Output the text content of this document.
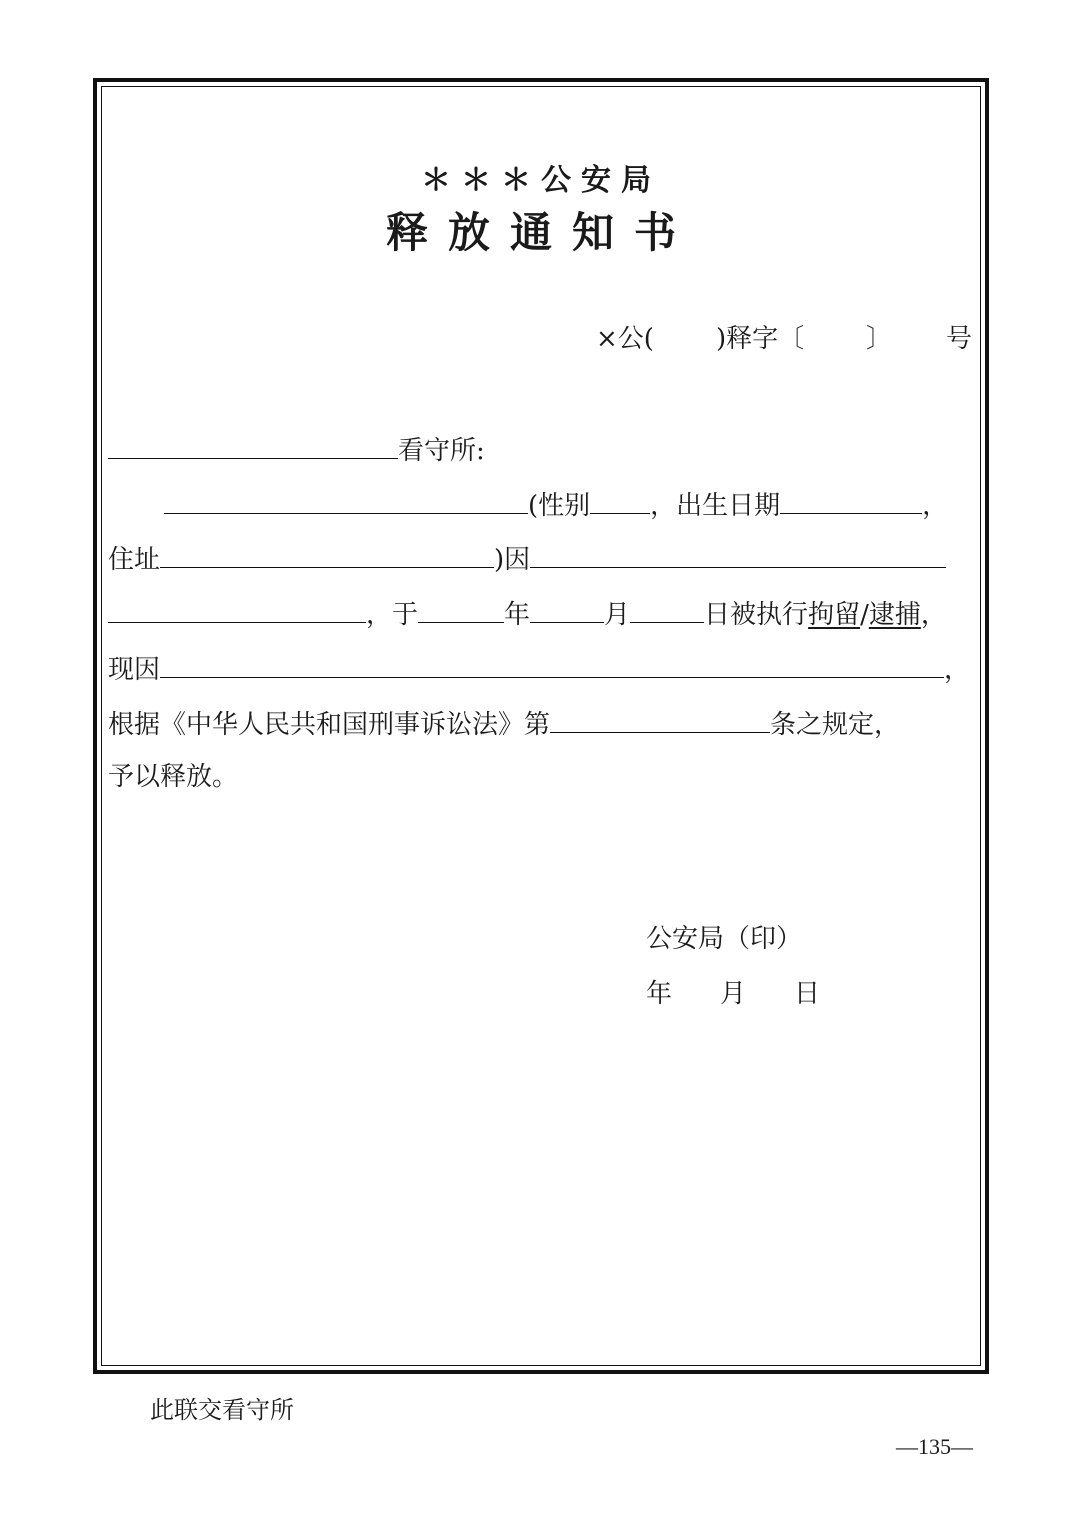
＊＊＊公安局
释放通知书
×公( )释字〔 〕 号
看守所:
(性别 ，出生日期	，
住址	)因
，于	年	月	日被执行拘留/逮捕，
现因	，
根据《中华人民共和国刑事诉讼法》第	条之规定，
予以释放。
公安局（印）
年 月 日
此联交看守所
—135—
